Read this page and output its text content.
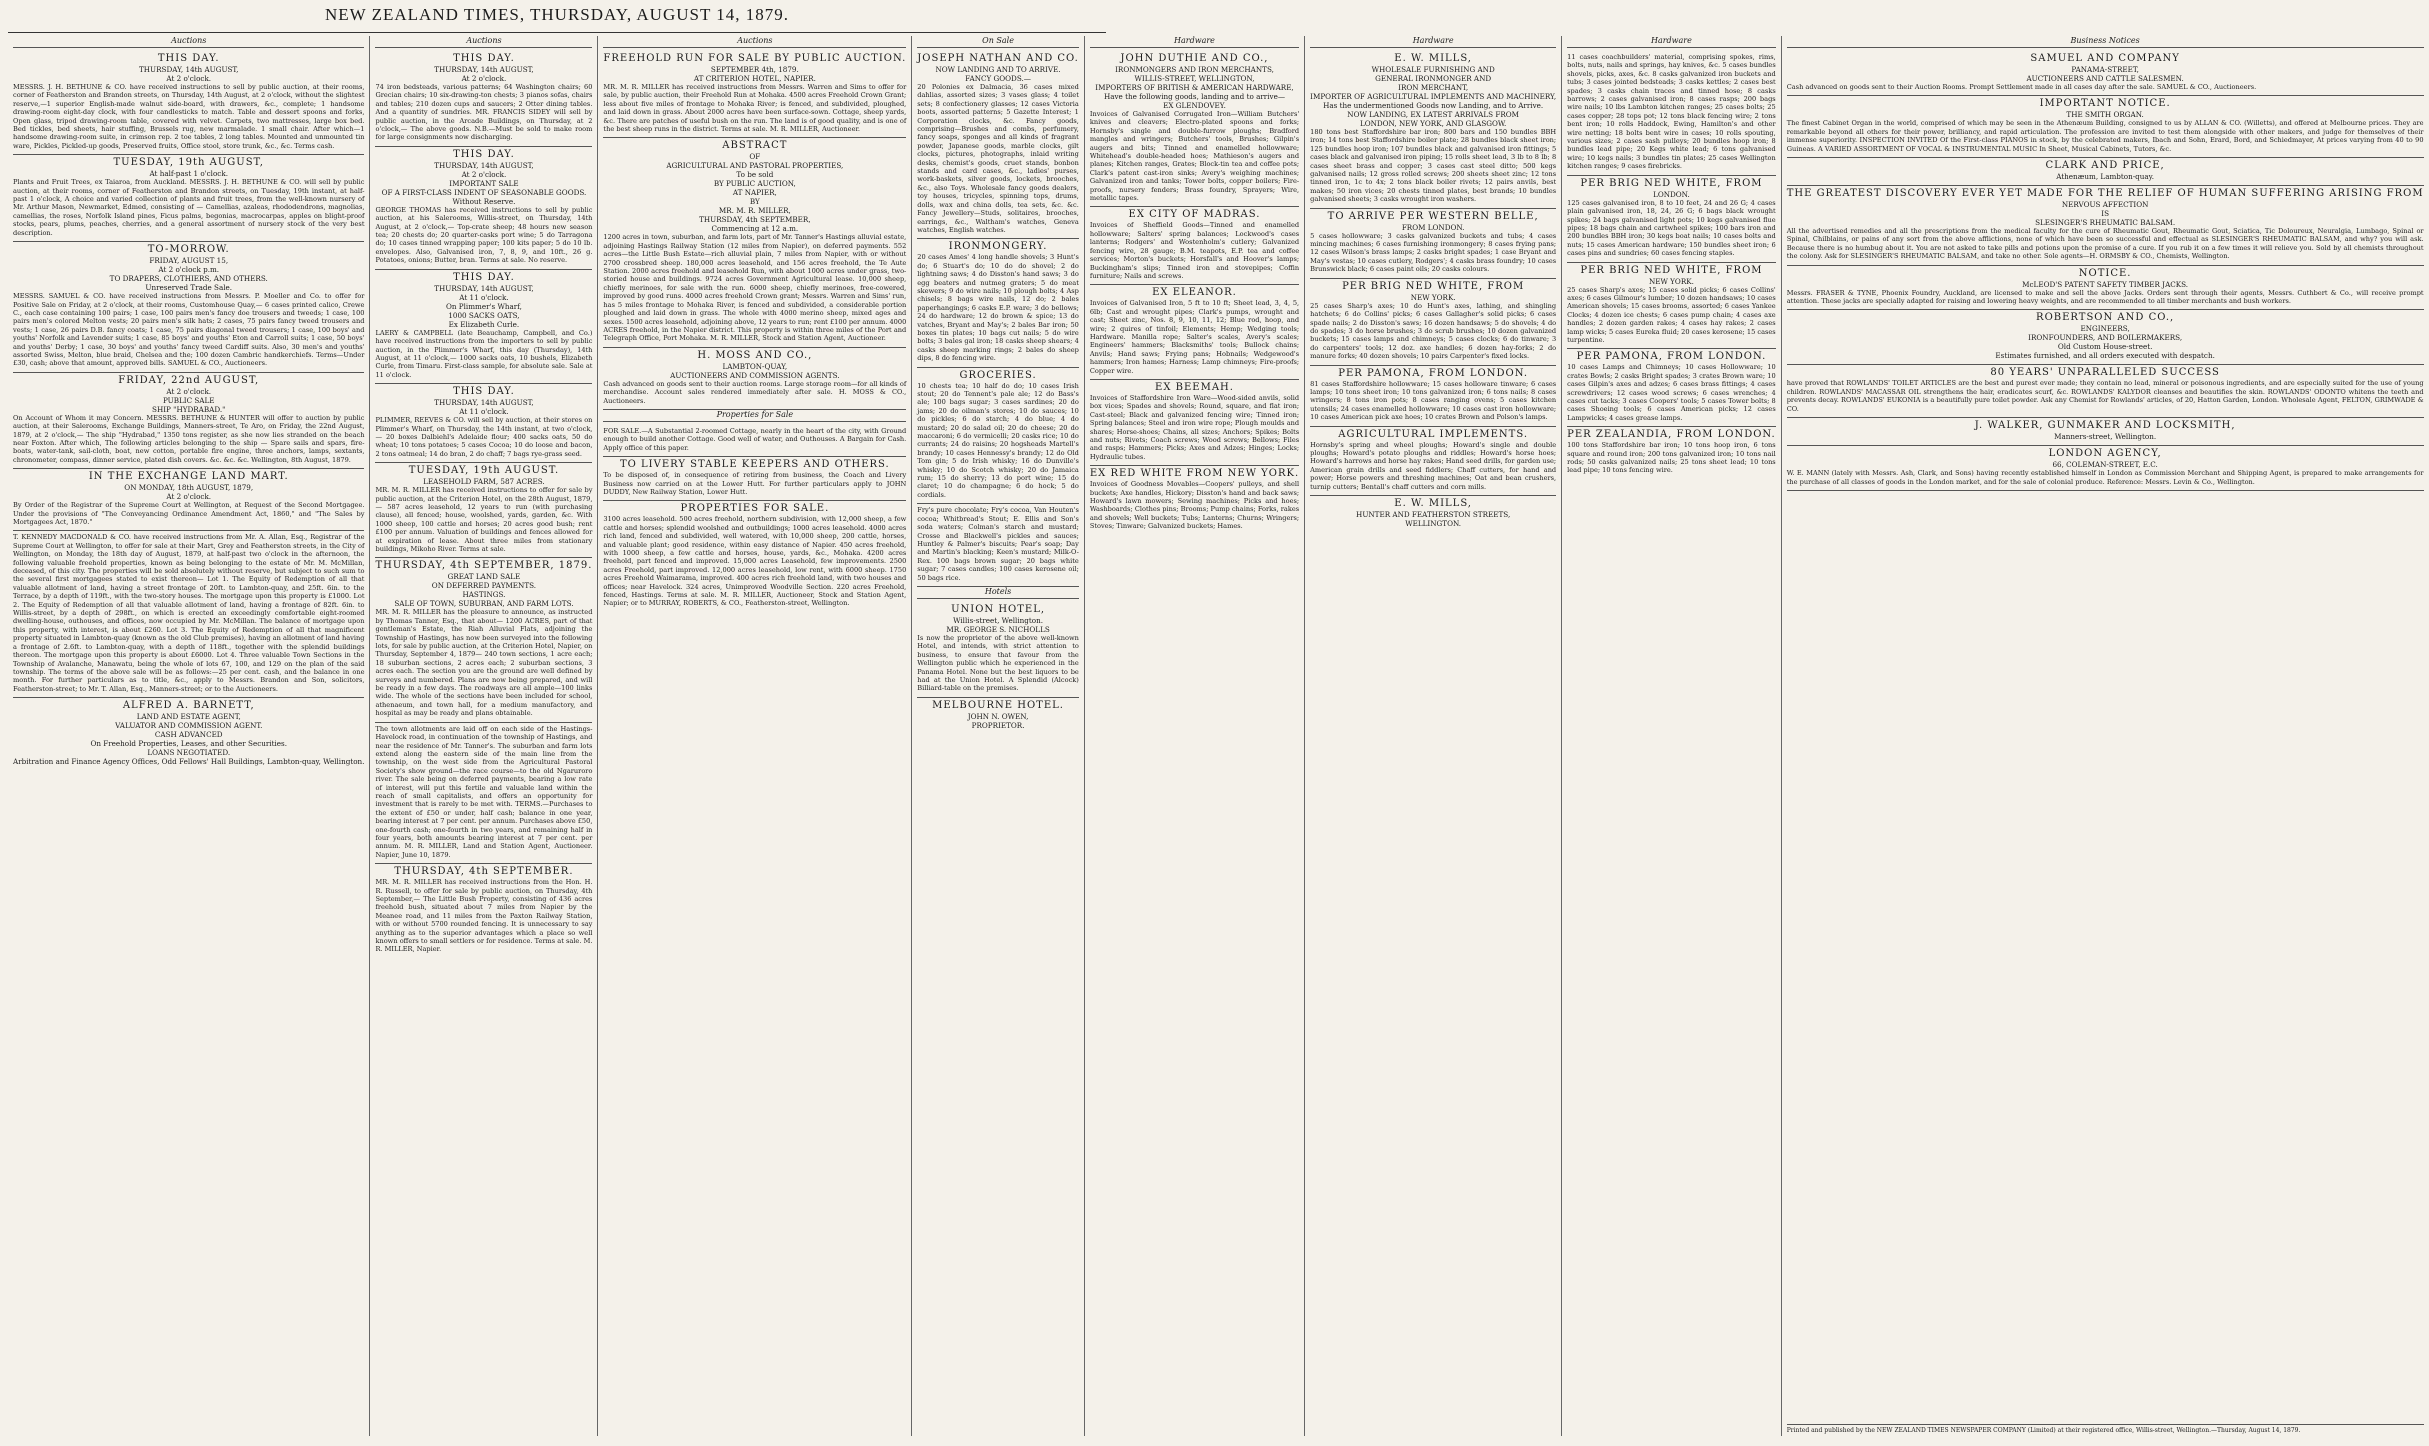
NEW ZEALAND TIMES, THURSDAY, AUGUST 14, 1879.
Auctions
THIS DAY.
THURSDAY, 14th AUGUST,
At 2 o'clock.
MESSRS. J. H. BETHUNE & CO. have received instructions to sell by public auction, at their rooms, corner of Featherston and Brandon streets, on Thursday, 14th August, at 2 o'clock, without the slightest reserve,—1 superior English-made walnut side-board, with drawers, &c., complete; 1 handsome drawing-room eight-day clock, with four candlesticks to match. Table and dessert spoons and forks, Open glass, tripod drawing-room table, covered with velvet. Carpets, two mattresses, large box bed. Bed tickles, bed sheets, hair stuffing, Brussels rug, new marmalade. 1 small chair. After which—1 handsome drawing-room suite, in crimson rep. 2 toe tables, 2 long tables. Mounted and unmounted tin ware, Pickles, Pickled-up goods, Preserved fruits, Office stool, store trunk, &c., &c. Terms cash.
TUESDAY, 19th AUGUST,
At half-past 1 o'clock.
Plants and Fruit Trees, ex Taiaroa, from Auckland. MESSRS. J. H. BETHUNE & CO. will sell by public auction, at their rooms, corner of Featherston and Brandon streets, on Tuesday, 19th instant, at half-past 1 o'clock, A choice and varied collection of plants and fruit trees, from the well-known nursery of Mr. Arthur Mason, Newmarket, Edmed, consisting of — Camellias, azaleas, rhododendrons, magnolias, camellias, the roses, Norfolk Island pines, Ficus palms, begonias, macrocarpas, apples on blight-proof stocks, pears, plums, peaches, cherries, and a general assortment of nursery stock of the very best description.
TO-MORROW.
FRIDAY, AUGUST 15,
At 2 o'clock p.m.
TO DRAPERS, CLOTHIERS, AND OTHERS.
Unreserved Trade Sale.
MESSRS. SAMUEL & CO. have received instructions from Messrs. P. Moeller and Co. to offer for Positive Sale on Friday, at 2 o'clock, at their rooms, Customhouse Quay,— 6 cases printed calico, Crewe C., each case containing 100 pairs; 1 case, 100 pairs men's fancy doe trousers and tweeds; 1 case, 100 pairs men's colored Melton vests; 20 pairs men's silk hats; 2 cases, 75 pairs fancy tweed trousers and vests; 1 case, 26 pairs D.B. fancy coats; 1 case, 75 pairs diagonal tweed trousers; 1 case, 100 boys' and youths' Norfolk and Lavender suits; 1 case, 85 boys' and youths' Eton and Carroll suits; 1 case, 50 boys' and youths' Derby; 1 case, 30 boys' and youths' fancy tweed Cardiff suits. Also, 30 men's and youths' assorted Swiss, Melton, blue braid, Chelsea and the; 100 dozen Cambric handkerchiefs. Terms—Under £30, cash; above that amount, approved bills. SAMUEL & CO., Auctioneers.
FRIDAY, 22nd AUGUST,
At 2 o'clock.
PUBLIC SALE
SHIP "HYDRABAD."
On Account of Whom it may Concern. MESSRS. BETHUNE & HUNTER will offer to auction by public auction, at their Salerooms, Exchange Buildings, Manners-street, Te Aro, on Friday, the 22nd August, 1879, at 2 o'clock,— The ship "Hydrabad," 1350 tons register, as she now lies stranded on the beach near Foxton. After which, The following articles belonging to the ship — Spare sails and spars, fire-boats, water-tank, sail-cloth, boat, new cotton, portable fire engine, three anchors, lamps, sextants, chronometer, compass, dinner service, plated dish covers. &c. &c. &c. Wellington, 8th August, 1879.
IN THE EXCHANGE LAND MART.
ON MONDAY, 18th AUGUST, 1879,
At 2 o'clock.
By Order of the Registrar of the Supreme Court at Wellington, at Request of the Second Mortgagee. Under the provisions of "The Conveyancing Ordinance Amendment Act, 1860," and "The Sales by Mortgagees Act, 1870."
T. KENNEDY MACDONALD & CO. have received instructions from Mr. A. Allan, Esq., Registrar of the Supreme Court at Wellington, to offer for sale at their Mart, Grey and Featherston streets, in the City of Wellington, on Monday, the 18th day of August, 1879, at half-past two o'clock in the afternoon, the following valuable freehold properties, known as being belonging to the estate of Mr. M. McMillan, deceased, of this city. The properties will be sold absolutely without reserve, but subject to such sum to the several first mortgagees stated to exist thereon— Lot 1. The Equity of Redemption of all that valuable allotment of land, having a street frontage of 20ft. to Lambton-quay, and 25ft. 6in. to the Terrace, by a depth of 119ft., with the two-story houses. The mortgage upon this property is £1000. Lot 2. The Equity of Redemption of all that valuable allotment of land, having a frontage of 82ft. 6in. to Willis-street, by a depth of 298ft., on which is erected an exceedingly comfortable eight-roomed dwelling-house, outhouses, and offices, now occupied by Mr. McMillan. The balance of mortgage upon this property, with interest, is about £260. Lot 3. The Equity of Redemption of all that magnificent property situated in Lambton-quay (known as the old Club premises), having an allotment of land having a frontage of 2.6ft. to Lambton-quay, with a depth of 118ft., together with the splendid buildings thereon. The mortgage upon this property is about £6000. Lot 4. Three valuable Town Sections in the Township of Avalanche, Manawatu, being the whole of lots 67, 100, and 129 on the plan of the said township. The terms of the above sale will be as follows:—25 per cent. cash, and the balance in one month. For further particulars as to title, &c., apply to Messrs. Brandon and Son, solicitors, Featherston-street; to Mr. T. Allan, Esq., Manners-street; or to the Auctioneers.
ALFRED A. BARNETT,
LAND AND ESTATE AGENT,
VALUATOR AND COMMISSION AGENT.
CASH ADVANCED
On Freehold Properties, Leases, and other Securities.
LOANS NEGOTIATED.
Arbitration and Finance Agency Offices, Odd Fellows' Hall Buildings, Lambton-quay, Wellington.
Auctions
THIS DAY.
THURSDAY, 14th AUGUST,
At 2 o'clock.
74 iron bedsteads, various patterns; 64 Washington chairs; 60 Grecian chairs; 10 six-drawing-ton chests; 3 pianos sofas, chairs and tables; 210 dozen cups and saucers; 2 Otter dining tables. And a quantity of sundries. MR. FRANCIS SIDEY will sell by public auction, in the Arcade Buildings, on Thursday, at 2 o'clock,— The above goods. N.B.—Must be sold to make room for large consignments now discharging.
THIS DAY.
THURSDAY, 14th AUGUST,
At 2 o'clock.
IMPORTANT SALE
OF A FIRST-CLASS INDENT OF SEASONABLE GOODS.
Without Reserve.
GEORGE THOMAS has received instructions to sell by public auction, at his Salerooms, Willis-street, on Thursday, 14th August, at 2 o'clock,— Top-crate sheep; 48 hours new season tea; 20 chests do; 20 quarter-casks port wine; 5 do Tarragona do; 10 cases tinned wrapping paper; 100 kits paper; 5 do 10 lb. envelopes. Also, Galvanised iron, 7, 8, 9, and 10ft., 26 g. Potatoes, onions; Butter, bran. Terms at sale. No reserve.
THIS DAY.
THURSDAY, 14th AUGUST,
At 11 o'clock.
On Plimmer's Wharf,
1000 SACKS OATS,
Ex Elizabeth Curle.
LAERY & CAMPBELL (late Beauchamp, Campbell, and Co.) have received instructions from the importers to sell by public auction, in the Plimmer's Wharf, this day (Thursday), 14th August, at 11 o'clock,— 1000 sacks oats, 10 bushels, Elizabeth Curle, from Timaru. First-class sample, for absolute sale. Sale at 11 o'clock.
THIS DAY.
THURSDAY, 14th AUGUST,
At 11 o'clock.
PLIMMER, REEVES & CO. will sell by auction, at their stores on Plimmer's Wharf, on Thursday, the 14th instant, at two o'clock,— 20 boxes Dalbiehl's Adelaide flour; 400 sacks oats, 50 do wheat; 10 tons potatoes; 5 cases Cocoa; 10 do loose and bacon, 2 tons oatmeal; 14 do bran, 2 do chaff; 7 bags rye-grass seed.
TUESDAY, 19th AUGUST.
LEASEHOLD FARM, 587 ACRES.
MR. M. R. MILLER has received instructions to offer for sale by public auction, at the Criterion Hotel, on the 28th August, 1879,— 587 acres leasehold, 12 years to run (with purchasing clause), all fenced; house, woolshed, yards, garden, &c. With 1000 sheep, 100 cattle and horses; 20 acres good bush; rent £100 per annum. Valuation of buildings and fences allowed for at expiration of lease. About three miles from stationary buildings, Mikoho River. Terms at sale.
THURSDAY, 4th SEPTEMBER, 1879.
GREAT LAND SALE
ON DEFERRED PAYMENTS.
HASTINGS.
SALE OF TOWN, SUBURBAN, AND FARM LOTS.
MR. M. R. MILLER has the pleasure to announce, as instructed by Thomas Tanner, Esq., that about— 1200 ACRES, part of that gentleman's Estate, the Riah Alluvial Flats, adjoining the Township of Hastings, has now been surveyed into the following lots, for sale by public auction, at the Criterion Hotel, Napier, on Thursday, September 4, 1879— 240 town sections, 1 acre each; 18 suburban sections, 2 acres each; 2 suburban sections, 3 acres each. The section you are the ground are well defined by surveys and numbered. Plans are now being prepared, and will be ready in a few days. The roadways are all ample—100 links wide. The whole of the sections have been included for school, athenaeum, and town hall, for a medium manufactory, and hospital as may be ready and plans obtainable.
The town allotments are laid off on each side of the Hastings-Havelock road, in continuation of the township of Hastings, and near the residence of Mr. Tanner's. The suburban and farm lots extend along the eastern side of the main line from the township, on the west side from the Agricultural Pastoral Society's show ground—the race course—to the old Ngaruroro river. The sale being on deferred payments, bearing a low rate of interest, will put this fertile and valuable land within the reach of small capitalists, and offers an opportunity for investment that is rarely to be met with. TERMS.—Purchases to the extent of £50 or under, half cash; balance in one year, bearing interest at 7 per cent. per annum. Purchases above £50, one-fourth cash; one-fourth in two years, and remaining half in four years, both amounts bearing interest at 7 per cent. per annum. M. R. MILLER, Land and Station Agent, Auctioneer. Napier, June 10, 1879.
THURSDAY, 4th SEPTEMBER.
MR. M. R. MILLER has received instructions from the Hon. H. R. Russell, to offer for sale by public auction, on Thursday, 4th September,— The Little Bush Property, consisting of 436 acres freehold bush, situated about 7 miles from Napier by the Meanee road, and 11 miles from the Paxton Railway Station, with or without 5700 rounded fencing. It is unnecessary to say anything as to the superior advantages which a place so well known offers to small settlers or for residence. Terms at sale. M. R. MILLER, Napier.
Auctions
FREEHOLD RUN FOR SALE BY PUBLIC AUCTION.
SEPTEMBER 4th, 1879.
AT CRITERION HOTEL, NAPIER.
MR. M. R. MILLER has received instructions from Messrs. Warren and Sims to offer for sale, by public auction, their Freehold Run at Mohaka. 4500 acres Freehold Crown Grant; less about five miles of frontage to Mohaka River; is fenced, and subdivided, ploughed, and laid down in grass. About 2000 acres have been surface-sown. Cottage, sheep yards, &c. There are patches of useful bush on the run. The land is of good quality, and is one of the best sheep runs in the district. Terms at sale. M. R. MILLER, Auctioneer.
ABSTRACT
OF
AGRICULTURAL AND PASTORAL PROPERTIES,
To be sold
BY PUBLIC AUCTION,
AT NAPIER,
BY
MR. M. R. MILLER,
THURSDAY, 4th SEPTEMBER,
Commencing at 12 a.m.
1200 acres in town, suburban, and farm lots, part of Mr. Tanner's Hastings alluvial estate, adjoining Hastings Railway Station (12 miles from Napier), on deferred payments. 552 acres—the Little Bush Estate—rich alluvial plain, 7 miles from Napier, with or without 2700 crossbred sheep. 180,000 acres leasehold, and 156 acres freehold, the Te Aute Station. 2000 acres freehold and leasehold Run, with about 1000 acres under grass, two-storied house and buildings. 9724 acres Government Agricultural lease. 10,000 sheep, chiefly merinoes, for sale with the run. 6000 sheep, chiefly merinoes, free-cowered, improved by good runs. 4000 acres freehold Crown grant; Messrs. Warren and Sims' run, has 5 miles frontage to Mohaka River, is fenced and subdivided, a considerable portion ploughed and laid down in grass. The whole with 4000 merino sheep, mixed ages and sexes. 1500 acres leasehold, adjoining above, 12 years to run; rent £100 per annum. 4000 ACRES freehold, in the Napier district. This property is within three miles of the Port and Telegraph Office, Port Mohaka. M. R. MILLER, Stock and Station Agent, Auctioneer.
H. MOSS AND CO.,
LAMBTON-QUAY,
AUCTIONEERS AND COMMISSION AGENTS.
Cash advanced on goods sent to their auction rooms. Large storage room—for all kinds of merchandise. Account sales rendered immediately after sale. H. MOSS & CO., Auctioneers.
Properties for Sale
FOR SALE.—A Substantial 2-roomed Cottage, nearly in the heart of the city, with Ground enough to build another Cottage. Good well of water, and Outhouses. A Bargain for Cash. Apply office of this paper.
TO LIVERY STABLE KEEPERS AND OTHERS.
To be disposed of, in consequence of retiring from business, the Coach and Livery Business now carried on at the Lower Hutt. For further particulars apply to JOHN DUDDY, New Railway Station, Lower Hutt.
PROPERTIES FOR SALE.
3100 acres leasehold. 500 acres freehold, northern subdivision, with 12,000 sheep, a few cattle and horses; splendid woolshed and outbuildings; 1000 acres leasehold. 4000 acres rich land, fenced and subdivided, well watered, with 10,000 sheep, 200 cattle, horses, and valuable plant; good residence, within easy distance of Napier. 450 acres freehold, with 1000 sheep, a few cattle and horses, house, yards, &c., Mohaka. 4200 acres freehold, part fenced and improved. 15,000 acres Leasehold, few improvements. 2500 acres Freehold, part improved. 12,000 acres leasehold, low rent, with 6000 sheep. 1750 acres Freehold Waimarama, improved. 400 acres rich freehold land, with two houses and offices; near Havelock. 324 acres, Unimproved Woodville Section. 220 acres Freehold, fenced, Hastings. Terms at sale. M. R. MILLER, Auctioneer, Stock and Station Agent, Napier; or to MURRAY, ROBERTS, & CO., Featherston-street, Wellington.
On Sale
JOSEPH NATHAN AND CO.
NOW LANDING AND TO ARRIVE.
FANCY GOODS.—
20 Polonies ex Dalmacia, 36 cases mixed dahlias, assorted sizes; 3 vases glass; 4 toilet sets; 8 confectionery glasses; 12 cases Victoria boots, assorted patterns; 5 Gazette Interest; 1 Corporation clocks, &c. Fancy goods, comprising—Brushes and combs, perfumery, fancy soaps, sponges and all kinds of fragrant powder, Japanese goods, marble clocks, gilt clocks, pictures, photographs, inlaid writing desks, chemist's goods, cruet stands, bonbon stands and card cases, &c., ladies' purses, work-baskets, silver goods, lockets, brooches, &c., also Toys. Wholesale fancy goods dealers, toy houses, tricycles, spinning tops, drums, dolls, wax and china dolls, tea sets, &c. &c. Fancy Jewellery—Studs, solitaires, brooches, earrings, &c., Waltham's watches, Geneva watches, English watches.
IRONMONGERY.
20 cases Ames' 4 long handle shovels; 3 Hunt's do; 6 Stuart's do; 10 do do shovel; 2 do lightning saws; 4 do Disston's hand saws; 3 do egg beaters and nutmeg graters; 5 do meat skewers; 9 do wire nails; 10 plough bolts; 4 Asp chisels; 8 bags wire nails, 12 do; 2 bales paperhangings; 6 casks E.P. ware; 3 do bellows; 24 do hardware; 12 do brown & spice; 13 do vatches, Bryant and May's; 2 bales Bar iron; 50 boxes tin plates; 10 bags cut nails; 5 do wire bolts; 3 bales gal iron; 18 casks sheep shears; 4 casks sheep marking rings; 2 bales do sheep dips, 8 do fencing wire.
GROCERIES.
10 chests tea; 10 half do do; 10 cases Irish stout; 20 do Tennent's pale ale; 12 do Bass's ale; 100 bags sugar; 3 cases sardines; 20 do jams; 20 do oilman's stores; 10 do sauces; 10 do pickles; 6 do starch; 4 do blue; 4 do mustard; 20 do salad oil; 20 do cheese; 20 do maccaroni; 6 do vermicelli; 20 casks rice; 10 do currants; 24 do raisins; 20 hogsheads Martell's brandy; 10 cases Hennessy's brandy; 12 do Old Tom gin; 5 do Irish whisky; 16 do Dunville's whisky; 10 do Scotch whisky; 20 do Jamaica rum; 15 do sherry; 13 do port wine; 15 do claret; 10 do champagne; 6 do hock; 5 do cordials.
Fry's pure chocolate; Fry's cocoa, Van Houten's cocoa; Whitbread's Stout; E. Ellis and Son's soda waters; Colman's starch and mustard; Crosse and Blackwell's pickles and sauces; Huntley & Palmer's biscuits; Pear's soap; Day and Martin's blacking; Keen's mustard; Milk-O-Rex. 100 bags brown sugar; 20 bags white sugar; 7 cases candles; 100 cases kerosene oil; 50 bags rice.
Hotels
UNION HOTEL,
Willis-street, Wellington.
MR. GEORGE S. NICHOLLS
Is now the proprietor of the above well-known Hotel, and intends, with strict attention to business, to ensure that favour from the Wellington public which he experienced in the Panama Hotel. None but the best liquors to be had at the Union Hotel. A Splendid (Alcock) Billiard-table on the premises.
MELBOURNE HOTEL.
JOHN N. OWEN,
PROPRIETOR.
Hardware
JOHN DUTHIE AND CO.,
IRONMONGERS AND IRON MERCHANTS,
WILLIS-STREET, WELLINGTON,
IMPORTERS OF BRITISH & AMERICAN HARDWARE,
Have the following goods, landing and to arrive—
EX GLENDOVEY.
Invoices of Galvanised Corrugated Iron—William Butchers' knives and cleavers; Electro-plated spoons and forks; Hornsby's single and double-furrow ploughs; Bradford mangles and wringers; Butchers' tools, Brushes; Gilpin's augers and bits; Tinned and enamelled hollowware; Whitehead's double-headed hoes; Mathieson's augers and planes; Kitchen ranges, Grates; Block-tin tea and coffee pots; Clark's patent cast-iron sinks; Avery's weighing machines; Galvanized iron and tanks; Tower bolts, copper boilers; Fire-proofs, nursery fenders; Brass foundry, Sprayers; Wire, metallic tapes.
EX CITY OF MADRAS.
Invoices of Sheffield Goods—Tinned and enamelled hollowware; Salters' spring balances; Lockwood's cases lanterns; Rodgers' and Wostenholm's cutlery; Galvanized fencing wire, 28 gauge; B.M. teapots, E.P. tea and coffee services; Morton's buckets; Horsfall's and Hoover's lamps; Buckingham's slips; Tinned iron and stovepipes; Coffin furniture; Nails and screws.
EX ELEANOR.
Invoices of Galvanised Iron, 5 ft to 10 ft; Sheet lead, 3, 4, 5, 6lb; Cast and wrought pipes; Clark's pumps, wrought and cast; Sheet zinc, Nos. 8, 9, 10, 11, 12; Blue rod, hoop, and wire; 2 quires of tinfoil; Elements; Hemp; Wedging tools; Hardware. Manilla rope; Salter's scales, Avery's scales; Engineers' hammers; Blacksmiths' tools; Bullock chains; Anvils; Hand saws; Frying pans; Hobnails; Wedgewood's hammers; Iron hames; Harness; Lamp chimneys; Fire-proofs; Copper wire.
EX BEEMAH.
Invoices of Staffordshire Iron Ware—Wood-sided anvils, solid box vices; Spades and shovels; Round, square, and flat iron; Cast-steel; Black and galvanized fencing wire; Tinned iron; Spring balances; Steel and iron wire rope; Plough moulds and shares; Horse-shoes; Chains, all sizes; Anchors; Spikes; Bolts and nuts; Rivets; Coach screws; Wood screws; Bellows; Files and rasps; Hammers; Picks; Axes and Adzes; Hinges; Locks; Hydraulic tubes.
EX RED WHITE FROM NEW YORK.
Invoices of Goodness Movables—Coopers' pulleys, and shell buckets; Axe handles, Hickory; Disston's hand and back saws; Howard's lawn mowers; Sewing machines; Picks and hoes; Washboards; Clothes pins; Brooms; Pump chains; Forks, rakes and shovels; Well buckets; Tubs; Lanterns; Churns; Wringers; Stoves; Tinware; Galvanized buckets; Hames.
Hardware
E. W. MILLS,
WHOLESALE FURNISHING AND
GENERAL IRONMONGER AND
IRON MERCHANT,
IMPORTER OF AGRICULTURAL IMPLEMENTS AND MACHINERY,
Has the undermentioned Goods now Landing, and to Arrive.
NOW LANDING, EX LATEST ARRIVALS FROM
LONDON, NEW YORK, AND GLASGOW.
180 tons best Staffordshire bar iron; 800 bars and 150 bundles BBH iron; 14 tons best Staffordshire boiler plate; 28 bundles black sheet iron; 125 bundles hoop iron; 107 bundles black and galvanised iron fittings; 5 cases black and galvanised iron piping; 15 rolls sheet lead, 3 lb to 8 lb; 8 cases sheet brass and copper; 3 cases cast steel ditto; 500 kegs galvanised nails; 12 gross rolled screws; 200 sheets sheet zinc; 12 tons tinned iron, 1c to 4x; 2 tons black boiler rivets; 12 pairs anvils, best makes; 50 iron vices; 20 chests tinned plates, best brands; 10 bundles galvanised sheets; 3 casks wrought iron washers.
TO ARRIVE PER WESTERN BELLE,
FROM LONDON.
5 cases hollowware; 3 casks galvanized buckets and tubs; 4 cases mincing machines; 6 cases furnishing ironmongery; 8 cases frying pans; 12 cases Wilson's brass lamps; 2 casks bright spades; 1 case Bryant and May's vestas; 10 cases cutlery, Rodgers'; 4 casks brass foundry; 10 cases Brunswick black; 6 cases paint oils; 20 casks colours.
PER BRIG NED WHITE, FROM
NEW YORK.
25 cases Sharp's axes; 10 do Hunt's axes, lathing, and shingling hatchets; 6 do Collins' picks; 6 cases Gallagher's solid picks; 6 cases spade nails; 2 do Disston's saws; 16 dozen handsaws; 5 do shovels; 4 do do spades; 3 do horse brushes; 3 do scrub brushes; 10 dozen galvanized buckets; 15 cases lamps and chimneys; 5 cases clocks; 6 do tinware; 3 do carpenters' tools; 12 doz. axe handles; 6 dozen hay-forks; 2 do manure forks; 40 dozen shovels; 10 pairs Carpenter's fixed locks.
PER PAMONA, FROM LONDON.
81 cases Staffordshire hollowware; 15 cases holloware tinware; 6 cases lamps; 10 tons sheet iron; 10 tons galvanized iron; 6 tons nails; 8 cases wringers; 8 tons iron pots; 8 cases ranging ovens; 5 cases kitchen utensils; 24 cases enamelled hollowware; 10 cases cast iron hollowware; 10 cases American pick axe hoes; 10 crates Brown and Polson's lamps.
AGRICULTURAL IMPLEMENTS.
Hornsby's spring and wheel ploughs; Howard's single and double ploughs; Howard's potato ploughs and riddles; Howard's horse hoes; Howard's harrows and horse hay rakes; Hand seed drills, for garden use; American grain drills and seed fiddlers; Chaff cutters, for hand and power; Horse powers and threshing machines; Oat and bean crushers, turnip cutters; Bentall's chaff cutters and corn mills.
E. W. MILLS,
HUNTER AND FEATHERSTON STREETS,
WELLINGTON.
Hardware
11 cases coachbuilders' material, comprising spokes, rims, bolts, nuts, nails and springs, hay knives, &c. 5 cases bundles shovels, picks, axes, &c. 8 casks galvanized iron buckets and tubs; 3 cases jointed bedsteads; 3 casks kettles; 2 cases best spades; 3 casks chain traces and tinned hose; 8 casks barrows; 2 cases galvanised iron; 8 cases rasps; 200 bags wire nails; 10 lbs Lambton kitchen ranges; 25 cases bolts; 25 cases copper; 28 tops pot; 12 tons black fencing wire; 2 tons bent iron; 10 rolls Haddock, Ewing, Hamilton's and other wire netting; 18 bolts bent wire in cases; 10 rolls spouting, various sizes; 2 cases sash pulleys; 20 bundles hoop iron; 8 bundles lead pipe; 20 Kegs white lead; 6 tons galvanised wire; 10 kegs nails; 3 bundles tin plates; 25 cases Wellington kitchen ranges; 9 cases firebricks.
PER BRIG NED WHITE, FROM
LONDON.
125 cases galvanised iron, 8 to 10 feet, 24 and 26 G; 4 cases plain galvanised iron, 18, 24, 26 G; 6 bags black wrought spikes; 24 bags galvanised light pots; 10 kegs galvanised flue pipes; 18 bags chain and cartwheel spikes; 100 bars iron and 200 bundles BBH iron; 30 kegs boat nails; 10 cases bolts and nuts; 15 cases American hardware; 150 bundles sheet iron; 6 cases pins and sundries; 60 cases fencing staples.
PER BRIG NED WHITE, FROM
NEW YORK.
25 cases Sharp's axes; 15 cases solid picks; 6 cases Collins' axes; 6 cases Gilmour's lumber; 10 dozen handsaws; 10 cases American shovels; 15 cases brooms, assorted; 6 cases Yankee Clocks; 4 dozen ice chests; 6 cases pump chain; 4 cases axe handles; 2 dozen garden rakes; 4 cases hay rakes; 2 cases lamp wicks; 5 cases Eureka fluid; 20 cases kerosene; 15 cases turpentine.
PER PAMONA, FROM LONDON.
10 cases Lamps and Chimneys; 10 cases Hollowware; 10 crates Bowls; 2 casks Bright spades; 3 crates Brown ware; 10 cases Gilpin's axes and adzes; 6 cases brass fittings; 4 cases screwdrivers; 12 cases wood screws; 6 cases wrenches; 4 cases cut tacks; 3 cases Coopers' tools; 5 cases Tower bolts; 8 cases Shoeing tools; 6 cases American picks; 12 cases Lampwicks; 4 cases grease lamps.
PER ZEALANDIA, FROM LONDON.
100 tons Staffordshire bar iron; 10 tons hoop iron, 6 tons square and round iron; 200 tons galvanized iron; 10 tons nail rods; 50 casks galvanized nails; 25 tons sheet lead; 10 tons lead pipe; 10 tons fencing wire.
Business Notices
SAMUEL AND COMPANY
PANAMA-STREET,
AUCTIONEERS AND CATTLE SALESMEN.
Cash advanced on goods sent to their Auction Rooms. Prompt Settlement made in all cases day after the sale. SAMUEL & CO., Auctioneers.
IMPORTANT NOTICE.
THE SMITH ORGAN.
The finest Cabinet Organ in the world, comprised of which may be seen in the Athenæum Building, consigned to us by ALLAN & CO. (Willetts), and offered at Melbourne prices. They are remarkable beyond all others for their power, brilliancy, and rapid articulation. The profession are invited to test them alongside with other makers, and judge for themselves of their immense superiority. INSPECTION INVITED Of the First-class PIANOS in stock, by the celebrated makers, Ibach and Sohn, Erard, Bord, and Schiedmayer, At prices varying from 40 to 90 Guineas. A VARIED ASSORTMENT OF VOCAL & INSTRUMENTAL MUSIC In Sheet, Musical Cabinets, Tutors, &c.
CLARK AND PRICE,
Athenæum, Lambton-quay.
THE GREATEST DISCOVERY EVER YET MADE FOR THE RELIEF OF HUMAN SUFFERING ARISING FROM
NERVOUS AFFECTION
IS
SLESINGER'S RHEUMATIC BALSAM.
All the advertised remedies and all the prescriptions from the medical faculty for the cure of Rheumatic Gout, Rheumatic Gout, Sciatica, Tic Doloureux, Neuralgia, Lumbago, Spinal or Spinal, Chilblains, or pains of any sort from the above afflictions, none of which have been so successful and effectual as SLESINGER'S RHEUMATIC BALSAM, and why? you will ask. Because there is no humbug about it. You are not asked to take pills and potions upon the promise of a cure. If you rub it on a few times it will relieve you. Sold by all chemists throughout the colony. Ask for SLESINGER'S RHEUMATIC BALSAM, and take no other. Sole agents—H. ORMSBY & CO., Chemists, Wellington.
NOTICE.
McLEOD'S PATENT SAFETY TIMBER JACKS.
Messrs. FRASER & TYNE, Phoenix Foundry, Auckland, are licensed to make and sell the above Jacks. Orders sent through their agents, Messrs. Cuthbert & Co., will receive prompt attention. These jacks are specially adapted for raising and lowering heavy weights, and are recommended to all timber merchants and bush workers.
ROBERTSON AND CO.,
ENGINEERS,
IRONFOUNDERS, AND BOILERMAKERS,
Old Custom House-street.
Estimates furnished, and all orders executed with despatch.
80 YEARS' UNPARALLELED SUCCESS
have proved that ROWLANDS' TOILET ARTICLES are the best and purest ever made; they contain no lead, mineral or poisonous ingredients, and are especially suited for the use of young children. ROWLANDS' MACASSAR OIL strengthens the hair, eradicates scurf, &c. ROWLANDS' KALYDOR cleanses and beautifies the skin. ROWLANDS' ODONTO whitens the teeth and prevents decay. ROWLANDS' EUKONIA is a beautifully pure toilet powder. Ask any Chemist for Rowlands' articles, of 20, Hatton Garden, London. Wholesale Agent, FELTON, GRIMWADE & CO.
J. WALKER, GUNMAKER AND LOCKSMITH,
Manners-street, Wellington.
LONDON AGENCY,
66, COLEMAN-STREET, E.C.
W. E. MANN (lately with Messrs. Ash, Clark, and Sons) having recently established himself in London as Commission Merchant and Shipping Agent, is prepared to make arrangements for the purchase of all classes of goods in the London market, and for the sale of colonial produce. Reference: Messrs. Levin & Co., Wellington.
Printed and published by the NEW ZEALAND TIMES NEWSPAPER COMPANY (Limited) at their registered office, Willis-street, Wellington.—Thursday, August 14, 1879.
